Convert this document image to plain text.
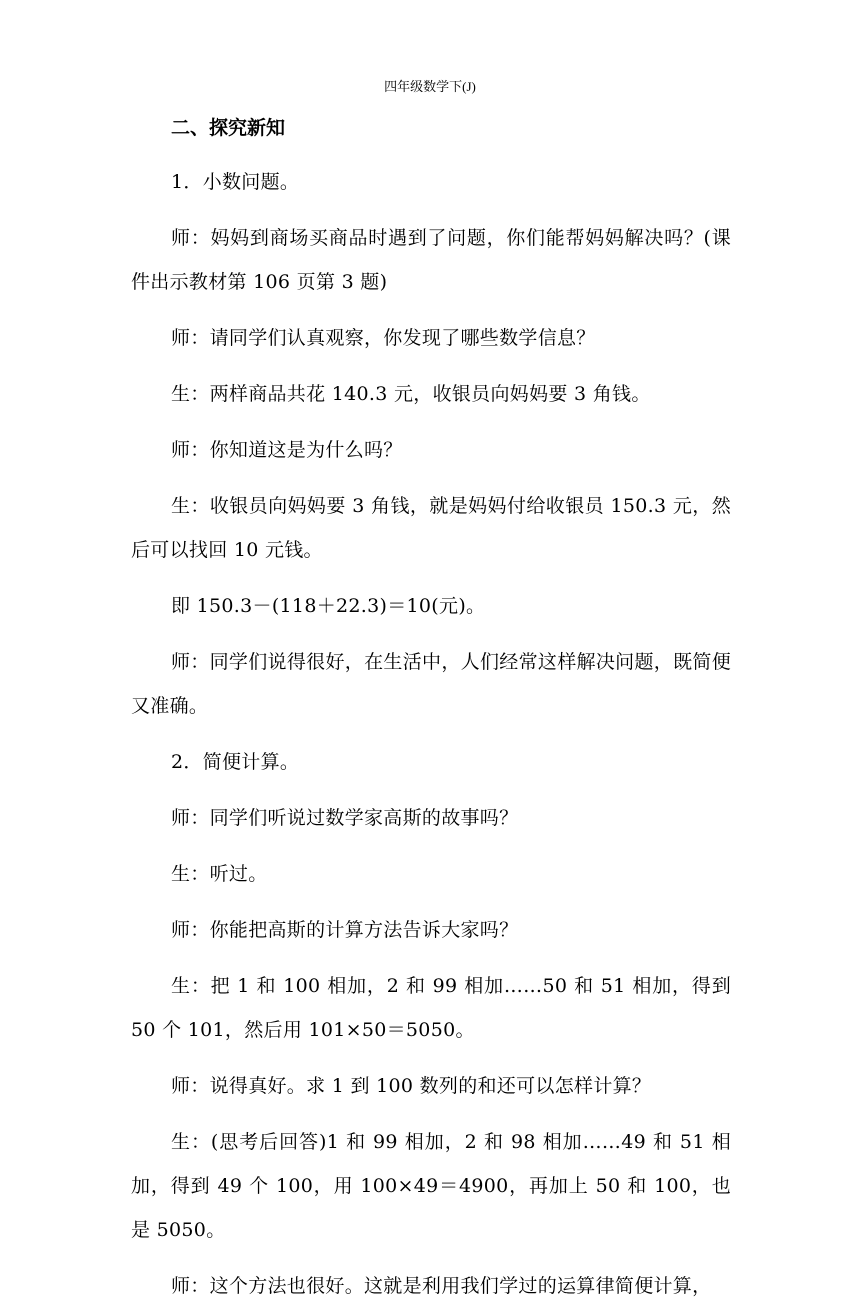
四年级数学下(J)
二、探究新知

1．小数问题。

师：妈妈到商场买商品时遇到了问题，你们能帮妈妈解决吗？(课件出示教材第 106 页第 3 题)

师：请同学们认真观察，你发现了哪些数学信息？

生：两样商品共花 140.3 元，收银员向妈妈要 3 角钱。

师：你知道这是为什么吗？

生：收银员向妈妈要 3 角钱，就是妈妈付给收银员 150.3 元，然后可以找回 10 元钱。

即 150.3－(118＋22.3)＝10(元)。

师：同学们说得很好，在生活中，人们经常这样解决问题，既简便又准确。

2．简便计算。

师：同学们听说过数学家高斯的故事吗？

生：听过。

师：你能把高斯的计算方法告诉大家吗？

生：把 1 和 100 相加，2 和 99 相加……50 和 51 相加，得到 50 个 101，然后用 101×50＝5050。

师：说得真好。求 1 到 100 数列的和还可以怎样计算？

生：(思考后回答)1 和 99 相加，2 和 98 相加……49 和 51 相加，得到 49 个 100，用 100×49＝4900，再加上 50 和 100，也是 5050。

师：这个方法也很好。这就是利用我们学过的运算律简便计算，
